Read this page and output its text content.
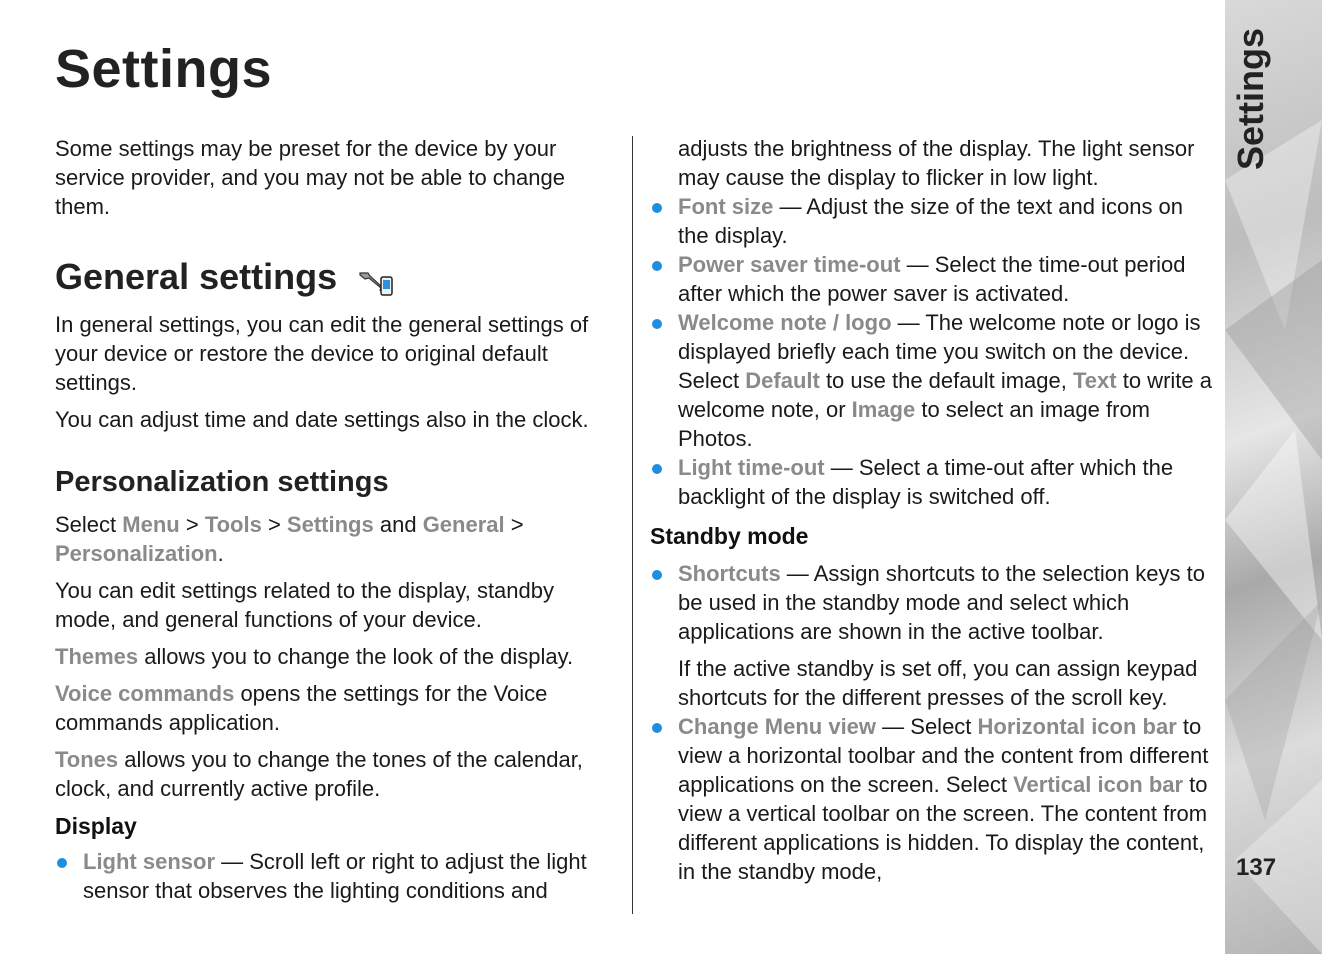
Settings

Some settings may be preset for the device by your service provider, and you may not be able to change them.

General settings

In general settings, you can edit the general settings of your device or restore the device to original default settings.

You can adjust time and date settings also in the clock.

Personalization settings

Select Menu > Tools > Settings and General >
Personalization.

You can edit settings related to the display, standby mode, and general functions of your device.

Themes allows you to change the look of the display.

Voice commands opens the settings for the Voice commands application.

Tones allows you to change the tones of the calendar, clock, and currently active profile.

Display
Light sensor — Scroll left or right to adjust the light sensor that observes the lighting conditions and
adjusts the brightness of the display. The light sensor may cause the display to flicker in low light.
Font size — Adjust the size of the text and icons on the display.
Power saver time-out — Select the time-out period after which the power saver is activated.
Welcome note / logo — The welcome note or logo is displayed briefly each time you switch on the device. Select Default to use the default image, Text to write a welcome note, or Image to select an image from Photos.
Light time-out — Select a time-out after which the backlight of the display is switched off.
Standby mode
Shortcuts — Assign shortcuts to the selection keys to be used in the standby mode and select which applications are shown in the active toolbar.
If the active standby is set off, you can assign keypad shortcuts for the different presses of the scroll key.
Change Menu view — Select Horizontal icon bar to view a horizontal toolbar and the content from different applications on the screen. Select Vertical icon bar to view a vertical toolbar on the screen. The content from different applications is hidden. To display the content, in the standby mode,
Settings
137
